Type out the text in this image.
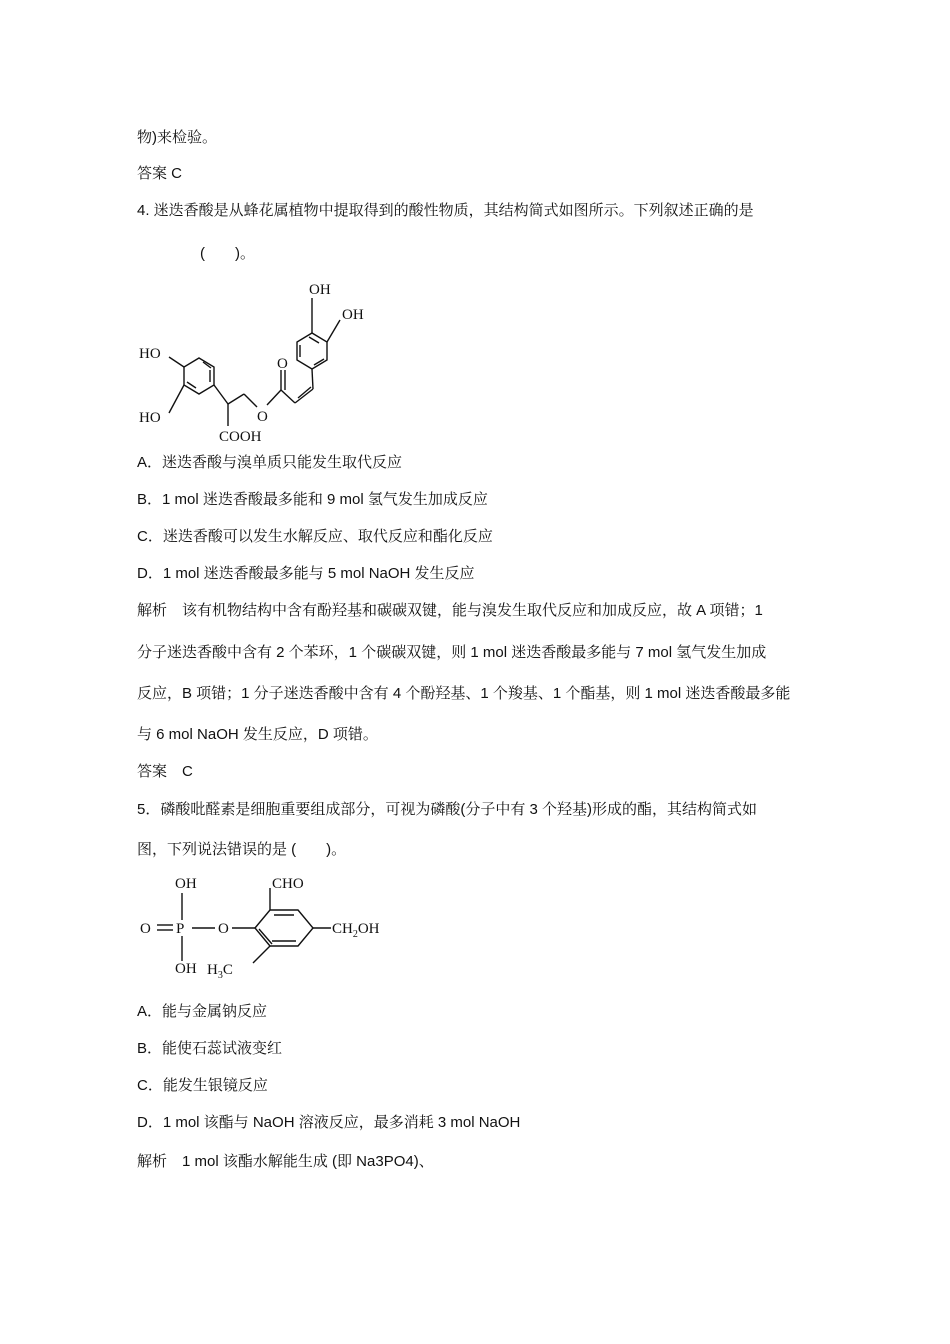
物)来检验。
答案 C
4. 迷迭香酸是从蜂花属植物中提取得到的酸性物质，其结构简式如图所示。下列叙述正确的是
(　　)。
OH
OH
HO
HO	O
O
COOH
A．迷迭香酸与溴单质只能发生取代反应
B．1 mol 迷迭香酸最多能和 9 mol 氢气发生加成反应
C．迷迭香酸可以发生水解反应、取代反应和酯化反应
D．1 mol 迷迭香酸最多能与 5 mol NaOH 发生反应
解析　该有机物结构中含有酚羟基和碳碳双键，能与溴发生取代反应和加成反应，故 A 项错；1
分子迷迭香酸中含有 2 个苯环，1 个碳碳双键，则 1 mol 迷迭香酸最多能与 7 mol 氢气发生加成
反应，B 项错；1 分子迷迭香酸中含有 4 个酚羟基、1 个羧基、1 个酯基，则 1 mol 迷迭香酸最多能
与 6 mol NaOH 发生反应，D 项错。
答案　C
5．磷酸吡醛素是细胞重要组成部分，可视为磷酸(分子中有 3 个羟基)形成的酯，其结构简式如
图，下列说法错误的是 (　　)。
OH
OH
O P O
CHO
$CH_2OH$
$H_3C$
A．能与金属钠反应
B．能使石蕊试液变红
C．能发生银镜反应
D．1 mol 该酯与 NaOH 溶液反应，最多消耗 3 mol NaOH
解析　1 mol 该酯水解能生成 (即 Na3PO4)、
